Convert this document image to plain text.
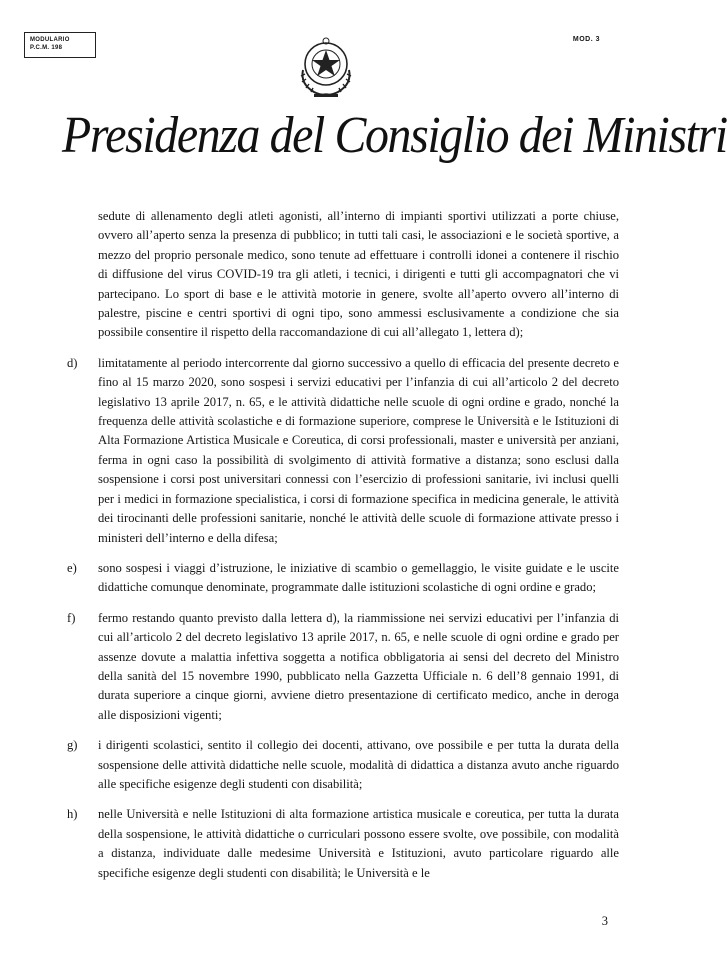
MODULARIO
P.C.M. 198
MOD. 3
Presidenza del Consiglio dei Ministri

sedute di allenamento degli atleti agonisti, all’interno di impianti sportivi utilizzati a porte chiuse, ovvero all’aperto senza la presenza di pubblico; in tutti tali casi, le associazioni e le società sportive, a mezzo del proprio personale medico, sono tenute ad effettuare i controlli idonei a contenere il rischio di diffusione del virus COVID-19 tra gli atleti, i tecnici, i dirigenti e tutti gli accompagnatori che vi partecipano. Lo sport di base e le attività motorie in genere, svolte all’aperto ovvero all’interno di palestre, piscine e centri sportivi di ogni tipo, sono ammessi esclusivamente a condizione che sia possibile consentire il rispetto della raccomandazione di cui all’allegato 1, lettera d);

d) limitatamente al periodo intercorrente dal giorno successivo a quello di efficacia del presente decreto e fino al 15 marzo 2020, sono sospesi i servizi educativi per l’infanzia di cui all’articolo 2 del decreto legislativo 13 aprile 2017, n. 65, e le attività didattiche nelle scuole di ogni ordine e grado, nonché la frequenza delle attività scolastiche e di formazione superiore, comprese le Università e le Istituzioni di Alta Formazione Artistica Musicale e Coreutica, di corsi professionali, master e università per anziani, ferma in ogni caso la possibilità di svolgimento di attività formative a distanza; sono esclusi dalla sospensione i corsi post universitari connessi con l’esercizio di professioni sanitarie, ivi inclusi quelli per i medici in formazione specialistica, i corsi di formazione specifica in medicina generale, le attività dei tirocinanti delle professioni sanitarie, nonché le attività delle scuole di formazione attivate presso i ministeri dell’interno e della difesa;
e) sono sospesi i viaggi d’istruzione, le iniziative di scambio o gemellaggio, le visite guidate e le uscite didattiche comunque denominate, programmate dalle istituzioni scolastiche di ogni ordine e grado;
f) fermo restando quanto previsto dalla lettera d), la riammissione nei servizi educativi per l’infanzia di cui all’articolo 2 del decreto legislativo 13 aprile 2017, n. 65, e nelle scuole di ogni ordine e grado per assenze dovute a malattia infettiva soggetta a notifica obbligatoria ai sensi del decreto del Ministro della sanità del 15 novembre 1990, pubblicato nella Gazzetta Ufficiale n. 6 dell’8 gennaio 1991, di durata superiore a cinque giorni, avviene dietro presentazione di certificato medico, anche in deroga alle disposizioni vigenti;
g) i dirigenti scolastici, sentito il collegio dei docenti, attivano, ove possibile e per tutta la durata della sospensione delle attività didattiche nelle scuole, modalità di didattica a distanza avuto anche riguardo alle specifiche esigenze degli studenti con disabilità;
h) nelle Università e nelle Istituzioni di alta formazione artistica musicale e coreutica, per tutta la durata della sospensione, le attività didattiche o curriculari possono essere svolte, ove possibile, con modalità a distanza, individuate dalle medesime Università e Istituzioni, avuto particolare riguardo alle specifiche esigenze degli studenti con disabilità; le Università e le
3
